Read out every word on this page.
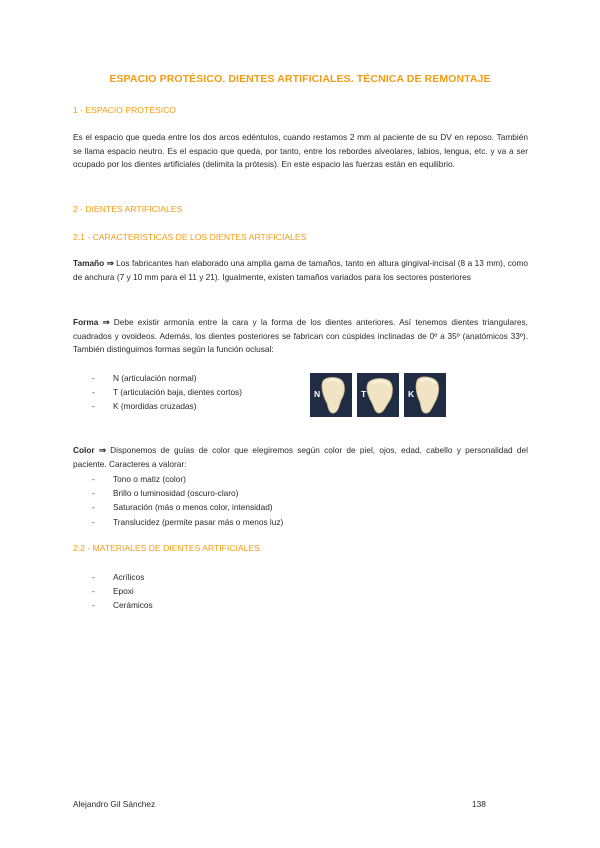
ESPACIO PROTÉSICO. DIENTES ARTIFICIALES. TÉCNICA DE REMONTAJE
1 - ESPACIO PROTÉSICO
Es el espacio que queda entre los dos arcos edéntulos, cuando restamos 2 mm al paciente de su DV en reposo. También se llama espacio neutro. Es el espacio que queda, por tanto, entre los rebordes alveolares, labios, lengua, etc. y va a ser ocupado por los dientes artificiales (delimita la prótesis). En este espacio las fuerzas están en equilibrio.
2 - DIENTES ARTIFICIALES
2.1 - CARACTERÍSTICAS DE LOS DIENTES ARTIFICIALES
Tamaño ⇒ Los fabricantes han elaborado una amplia gama de tamaños, tanto en altura gingival-incisal (8 a 13 mm), como de anchura (7 y 10 mm para el 11 y 21). Igualmente, existen tamaños variados para los sectores posteriores
Forma ⇒ Debe existir armonía entre la cara y la forma de los dientes anteriores. Así tenemos dientes triangulares, cuadrados y ovoideos. Además, los dientes posteriores se fabrican con cúspides inclinadas de 0º a 35º (anatómicos 33º). También distinguimos formas según la función oclusal:
- N (articulación normal)
- T (articulación baja, dientes cortos)
- K (mordidas cruzadas)
N	T	K
Color ⇒ Disponemos de guías de color que elegiremos según color de piel, ojos, edad, cabello y personalidad del paciente. Caracteres a valorar:
- Tono o matiz (color)
- Brillo o luminosidad (oscuro-claro)
- Saturación (más o menos color, intensidad)
- Translucidez (permite pasar más o menos luz)
2.2 - MATERIALES DE DIENTES ARTIFICIALES
- Acrílicos
- Epoxi
- Cerámicos
Alejandro Gil Sánchez	138
